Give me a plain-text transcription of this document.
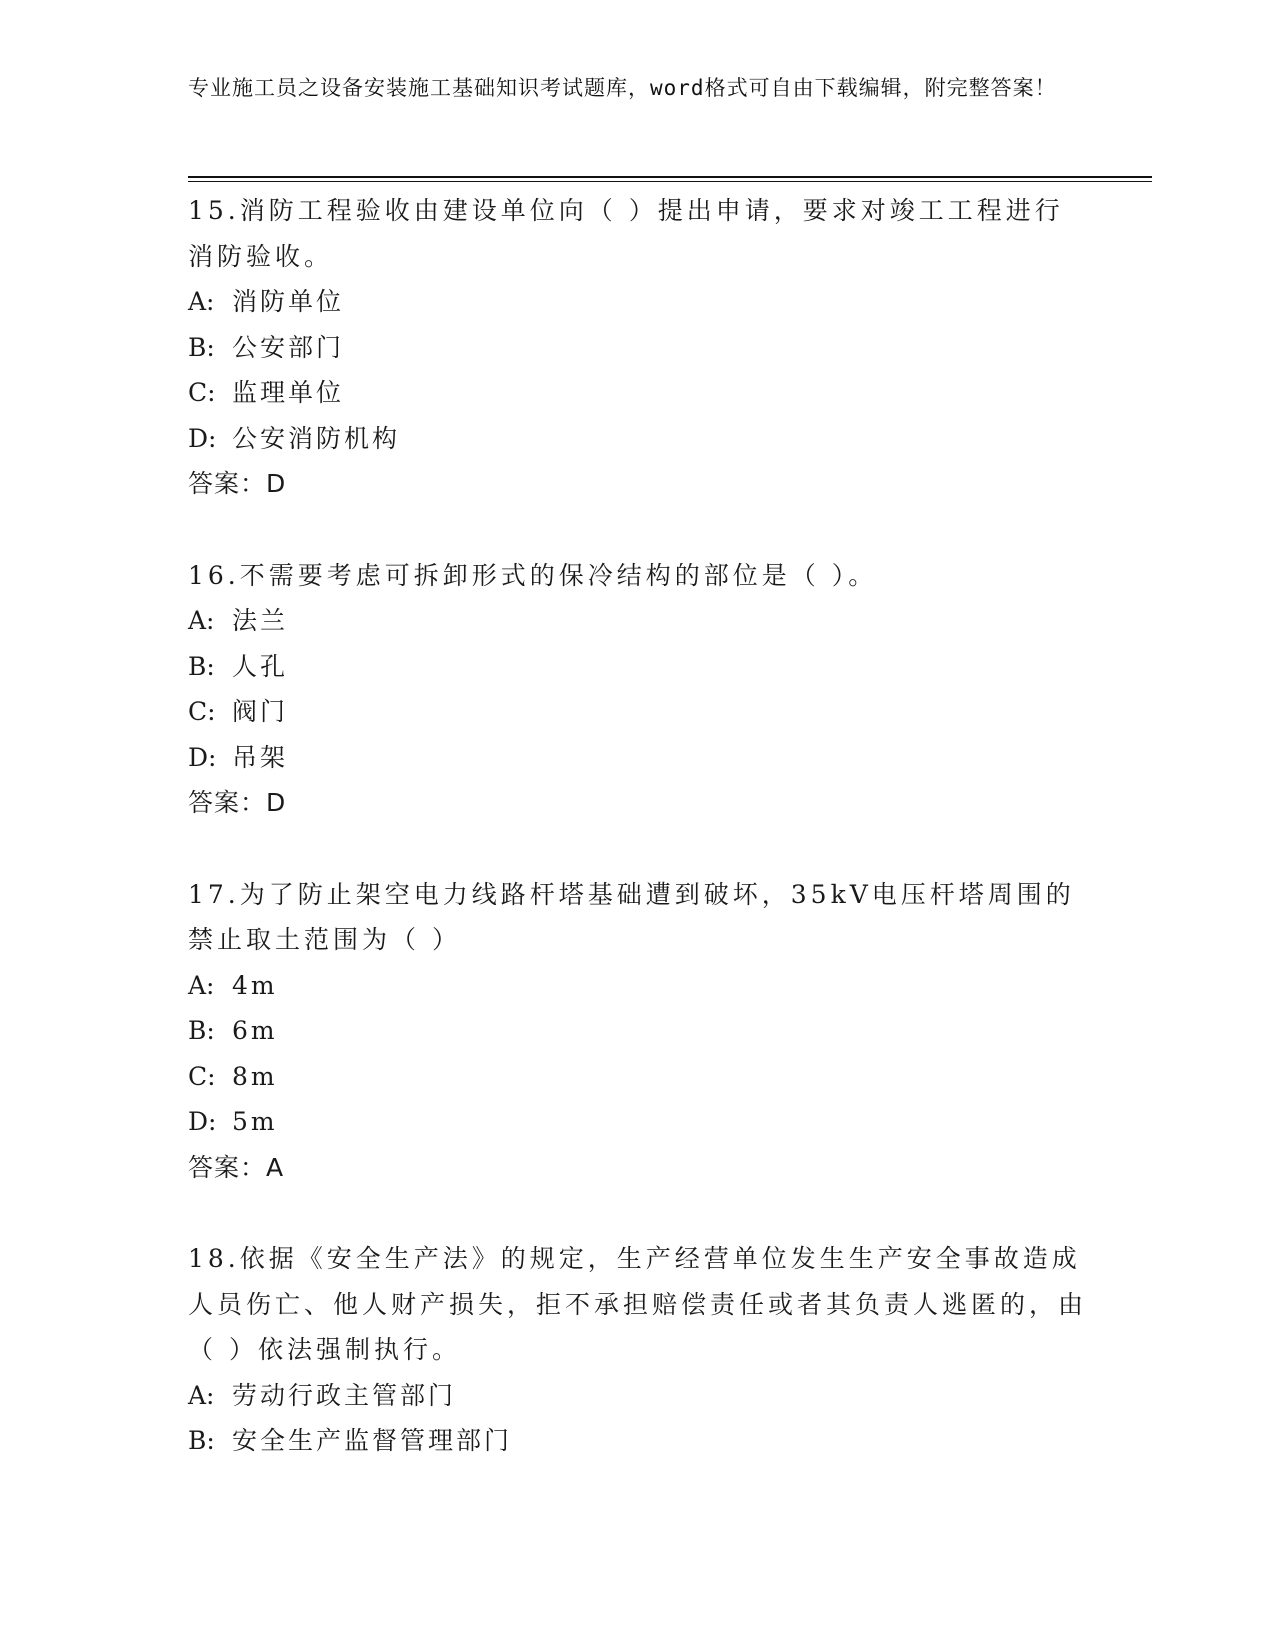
专业施工员之设备安装施工基础知识考试题库，word格式可自由下载编辑，附完整答案！

15.消防工程验收由建设单位向（ ）提出申请，要求对竣工工程进行消防验收。

A: 消防单位
B: 公安部门
C: 监理单位
D: 公安消防机构
答案：D

16.不需要考虑可拆卸形式的保冷结构的部位是（ ）。

A: 法兰
B: 人孔
C: 阀门
D: 吊架
答案：D

17.为了防止架空电力线路杆塔基础遭到破坏，35kV电压杆塔周围的禁止取土范围为（ ）

A: 4m
B: 6m
C: 8m
D: 5m
答案：A

18.依据《安全生产法》的规定，生产经营单位发生生产安全事故造成人员伤亡、他人财产损失，拒不承担赔偿责任或者其负责人逃匿的，由（ ）依法强制执行。

A: 劳动行政主管部门
B: 安全生产监督管理部门
